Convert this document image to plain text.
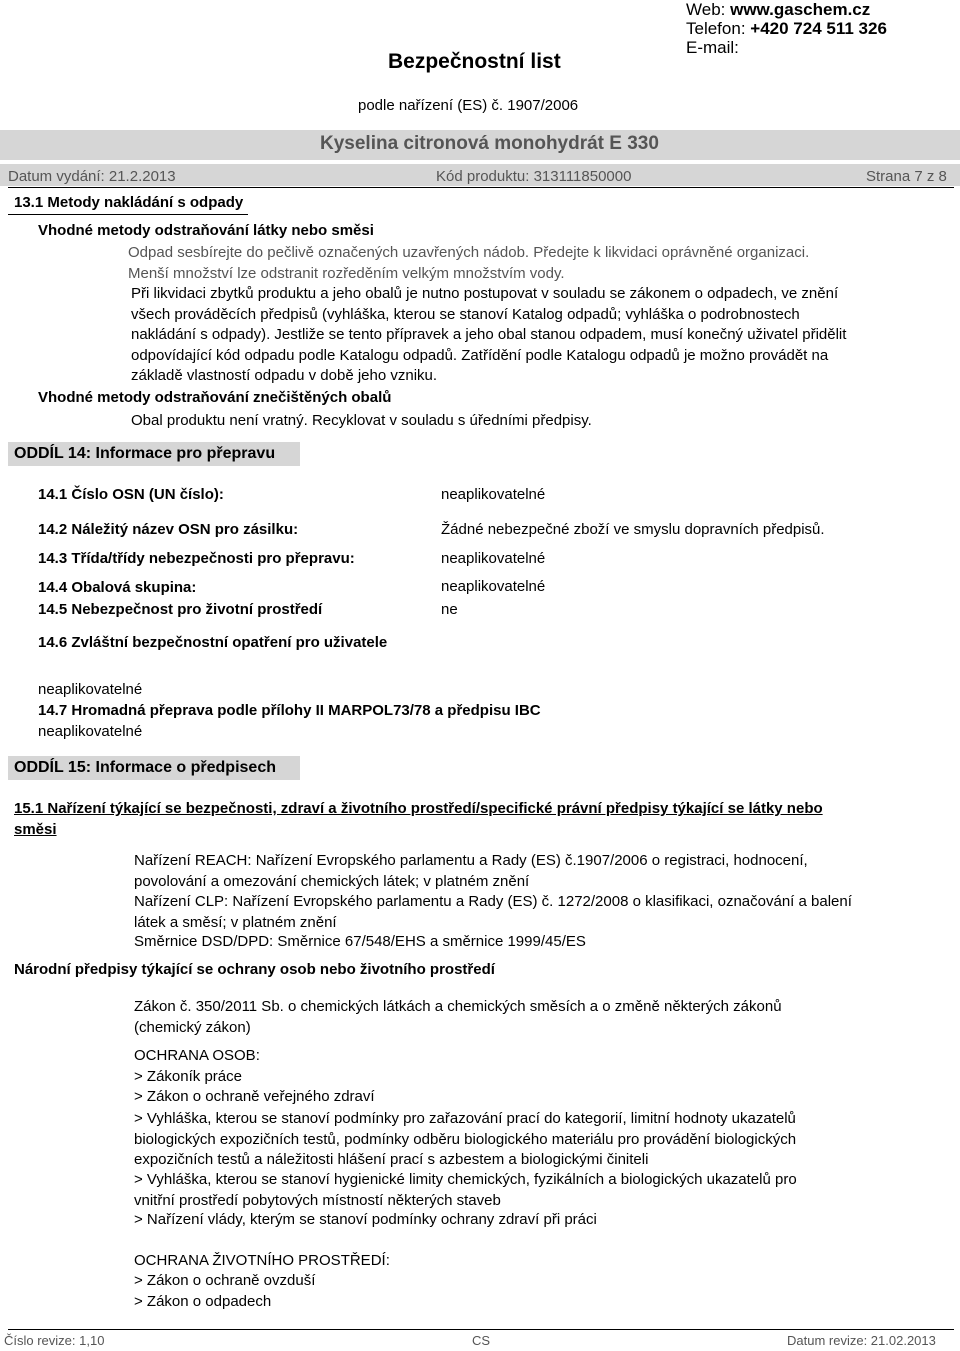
Bezpečnostní list
Web: www.gaschem.cz
Telefon: +420 724 511 326
E-mail:
podle nařízení (ES) č. 1907/2006
Kyselina citronová monohydrát E 330
Datum vydání: 21.2.2013	Kód produktu: 313111850000	Strana 7 z 8
13.1 Metody nakládání s odpady
Vhodné metody odstraňování látky nebo směsi
Odpad sesbírejte do pečlivě označených uzavřených nádob. Předejte k likvidaci oprávněné organizaci. Menší množství lze odstranit rozředěním velkým množstvím vody.
Při likvidaci zbytků produktu a jeho obalů je nutno postupovat v souladu se zákonem o odpadech, ve znění všech prováděcích předpisů (vyhláška, kterou se stanoví Katalog odpadů; vyhláška o podrobnostech nakládání s odpady). Jestliže se tento přípravek a jeho obal stanou odpadem, musí konečný uživatel přidělit odpovídající kód odpadu podle Katalogu odpadů. Zatřídění podle Katalogu odpadů je možno provádět na základě vlastností odpadu v době jeho vzniku.
Vhodné metody odstraňování znečištěných obalů
Obal produktu není vratný. Recyklovat v souladu s úředními předpisy.
ODDÍL 14: Informace pro přepravu
14.1 Číslo OSN (UN číslo):	neaplikovatelné
14.2 Náležitý název OSN pro zásilku:	Žádné nebezpečné zboží ve smyslu dopravních předpisů.
14.3 Třída/třídy nebezpečnosti pro přepravu:	neaplikovatelné
14.4 Obalová skupina:	neaplikovatelné
14.5 Nebezpečnost pro životní prostředí	ne
14.6 Zvláštní bezpečnostní opatření pro uživatele
neaplikovatelné
14.7 Hromadná přeprava podle přílohy II MARPOL73/78 a předpisu IBC
neaplikovatelné
ODDÍL 15: Informace o předpisech
15.1 Nařízení týkající se bezpečnosti, zdraví a životního prostředí/specifické právní předpisy týkající se látky nebo směsi
Nařízení REACH: Nařízení Evropského parlamentu a Rady (ES) č.1907/2006 o registraci, hodnocení, povolování a omezování chemických látek; v platném znění
Nařízení CLP: Nařízení Evropského parlamentu a Rady (ES) č. 1272/2008 o klasifikaci, označování a balení látek a směsí; v platném znění
Směrnice DSD/DPD: Směrnice 67/548/EHS a směrnice 1999/45/ES
Národní předpisy týkající se ochrany osob nebo životního prostředí
Zákon č. 350/2011 Sb. o chemických látkách a chemických směsích a o změně některých zákonů (chemický zákon)
OCHRANA OSOB:
> Zákoník práce
> Zákon o ochraně veřejného zdraví
> Vyhláška, kterou se stanoví podmínky pro zařazování prací do kategorií, limitní hodnoty ukazatelů biologických expozičních testů, podmínky odběru biologického materiálu pro provádění biologických expozičních testů a náležitosti hlášení prací s azbestem a biologickými činiteli
> Vyhláška, kterou se stanoví hygienické limity chemických, fyzikálních a biologických ukazatelů pro vnitřní prostředí pobytových místností některých staveb
> Nařízení vlády, kterým se stanoví podmínky ochrany zdraví při práci
OCHRANA ŽIVOTNÍHO PROSTŘEDÍ:
> Zákon o ochraně ovzduší
> Zákon o odpadech
Číslo revize: 1,10	CS	Datum revize: 21.02.2013
